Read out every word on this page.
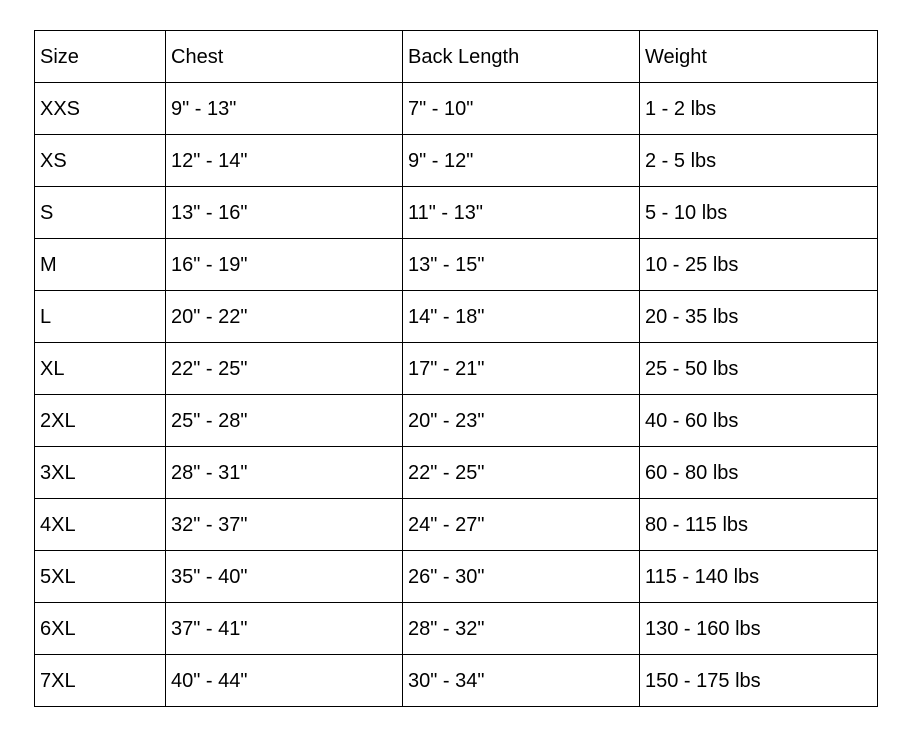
Size	Chest	Back Length	Weight
XXS	9" - 13"	7" - 10"	1 - 2 lbs
XS	12" - 14"	9" - 12"	2 - 5 lbs
S	13" - 16"	11" - 13"	5 - 10 lbs
M	16" - 19"	13" - 15"	10 - 25 lbs
L	20" - 22"	14" - 18"	20 - 35 lbs
XL	22" - 25"	17" - 21"	25 - 50 lbs
2XL	25" - 28"	20" - 23"	40 - 60 lbs
3XL	28" - 31"	22" - 25"	60 - 80 lbs
4XL	32" - 37"	24" - 27"	80 - 115 lbs
5XL	35" - 40"	26" - 30"	115 - 140 lbs
6XL	37" - 41"	28" - 32"	130 - 160 lbs
7XL	40" - 44"	30" - 34"	150 - 175 lbs
